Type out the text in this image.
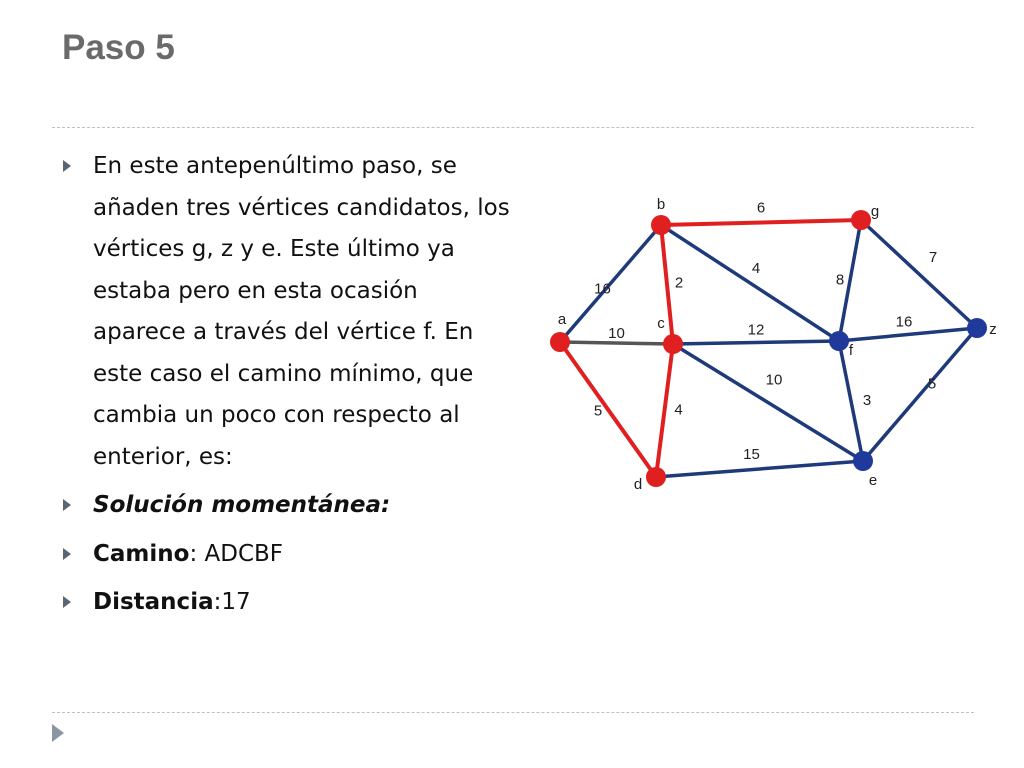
Paso 5
En este antepenúltimo paso, se añaden tres vértices candidatos, los vértices g, z y e. Este último ya estaba pero en esta ocasión aparece a través del vértice f. En este caso el camino mínimo, que cambia un poco con respecto al enterior, es:
Solución momentánea:
Camino: ADCBF
Distancia:17
16
10
5
2
6
4
12
4
10
15
8
7
16
3
5
a
b
c
d	e
f
g
z
